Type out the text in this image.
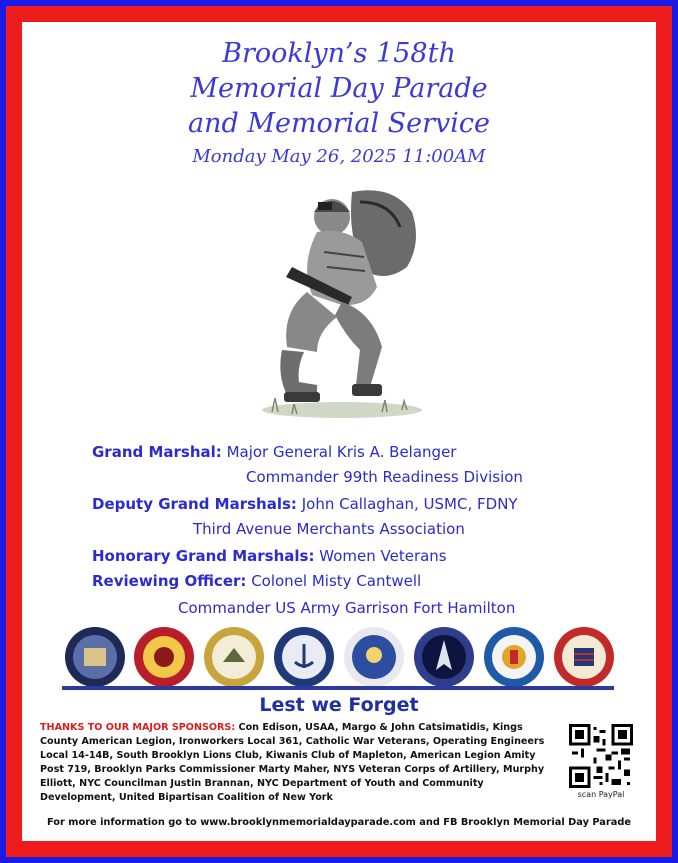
Brooklyn’s 158th
Memorial Day Parade
and Memorial Service
Monday May 26, 2025 11:00AM
Grand Marshal: Major General Kris A. Belanger
Commander 99th Readiness Division
Deputy Grand Marshals: John Callaghan, USMC, FDNY
Third Avenue Merchants Association
Honorary Grand Marshals: Women Veterans
Reviewing Officer: Colonel Misty Cantwell
Commander US Army Garrison Fort Hamilton
Lest we Forget
THANKS TO OUR MAJOR SPONSORS: Con Edison, USAA, Margo & John Catsimatidis, Kings County American Legion, Ironworkers Local 361, Catholic War Veterans, Operating Engineers Local 14-14B, South Brooklyn Lions Club, Kiwanis Club of Mapleton, American Legion Amity Post 719, Brooklyn Parks Commissioner Marty Maher, NYS Veteran Corps of Artillery, Murphy Elliott, NYC Councilman Justin Brannan, NYC Department of Youth and Community Development, United Bipartisan Coalition of New York	scan PayPal
For more information go to www.brooklynmemorialdayparade.com and FB Brooklyn Memorial Day Parade
